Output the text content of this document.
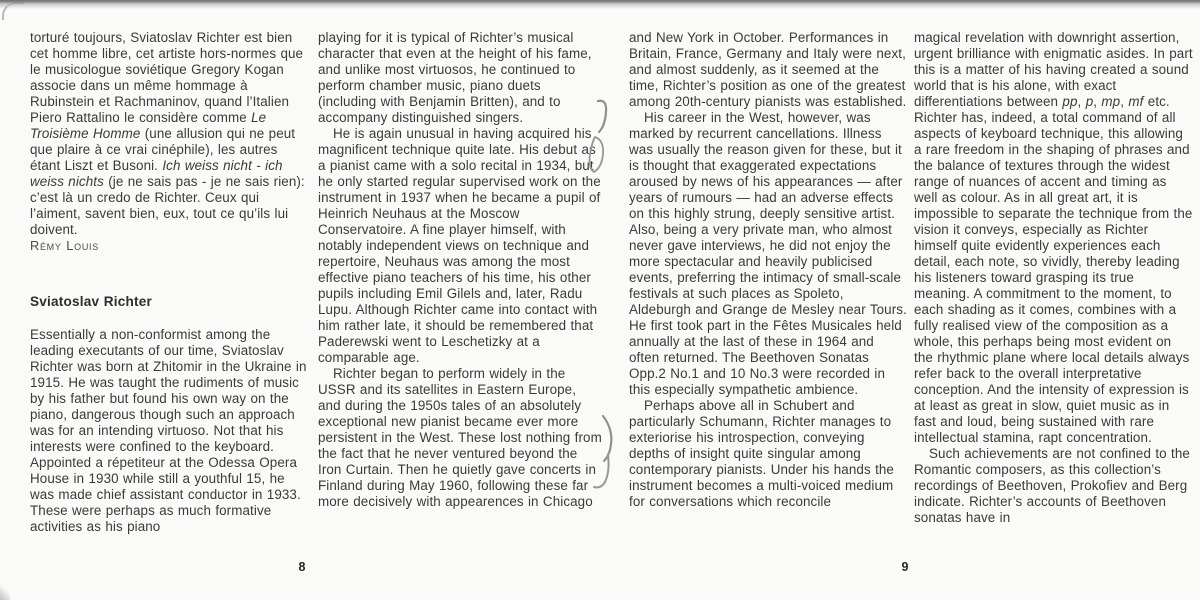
torturé toujours, Sviatoslav Richter est bien cet homme libre, cet artiste hors-normes que le musicologue soviétique Gregory Kogan associe dans un même hommage à Rubinstein et Rachmaninov, quand l’Italien Piero Rattalino le considère comme Le Troisième Homme (une allusion qui ne peut que plaire à ce vrai cinéphile), les autres étant Liszt et Busoni. Ich weiss nicht - ich weiss nichts (je ne sais pas - je ne sais rien): c’est là un credo de Richter. Ceux qui l’aiment, savent bien, eux, tout ce qu’ils lui doivent.

Rémy Louis
Sviatoslav Richter

Essentially a non-conformist among the leading executants of our time, Sviatoslav Richter was born at Zhitomir in the Ukraine in 1915. He was taught the rudiments of music by his father but found his own way on the piano, dangerous though such an approach was for an intending virtuoso. Not that his interests were confined to the keyboard. Appointed a répetiteur at the Odessa Opera House in 1930 while still a youthful 15, he was made chief assistant conductor in 1933. These were perhaps as much formative activities as his piano

playing for it is typical of Richter’s musical character that even at the height of his fame, and unlike most virtuosos, he continued to perform chamber music, piano duets (including with Benjamin Britten), and to accompany distinguished singers.

He is again unusual in having acquired his magnificent technique quite late. His debut as a pianist came with a solo recital in 1934, but he only started regular supervised work on the instrument in 1937 when he became a pupil of Heinrich Neuhaus at the Moscow Conservatoire. A fine player himself, with notably independent views on technique and repertoire, Neuhaus was among the most effective piano teachers of his time, his other pupils including Emil Gilels and, later, Radu Lupu. Although Richter came into contact with him rather late, it should be remembered that Paderewski went to Leschetizky at a comparable age.

Richter began to perform widely in the USSR and its satellites in Eastern Europe, and during the 1950s tales of an absolutely exceptional new pianist became ever more persistent in the West. These lost nothing from the fact that he never ventured beyond the Iron Curtain. Then he quietly gave concerts in Finland during May 1960, following these far more decisively with appearences in Chicago

8

and New York in October. Performances in Britain, France, Germany and Italy were next, and almost suddenly, as it seemed at the time, Richter’s position as one of the greatest among 20th-century pianists was established.

His career in the West, however, was marked by recurrent cancellations. Illness was usually the reason given for these, but it is thought that exaggerated expectations aroused by news of his appearances — after years of rumours — had an adverse effects on this highly strung, deeply sensitive artist. Also, being a very private man, who almost never gave interviews, he did not enjoy the more spectacular and heavily publicised events, preferring the intimacy of small-scale festivals at such places as Spoleto, Aldeburgh and Grange de Mesley near Tours. He first took part in the Fêtes Musicales held annually at the last of these in 1964 and often returned. The Beethoven Sonatas Opp.2 No.1 and 10 No.3 were recorded in this especially sympathetic ambience.

Perhaps above all in Schubert and particularly Schumann, Richter manages to exteriorise his introspection, conveying depths of insight quite singular among contemporary pianists. Under his hands the instrument becomes a multi-voiced medium for conversations which reconcile

magical revelation with downright assertion, urgent brilliance with enigmatic asides. In part this is a matter of his having created a sound world that is his alone, with exact differentiations between pp, p, mp, mf etc. Richter has, indeed, a total command of all aspects of keyboard technique, this allowing a rare freedom in the shaping of phrases and the balance of textures through the widest range of nuances of accent and timing as well as colour. As in all great art, it is impossible to separate the technique from the vision it conveys, especially as Richter himself quite evidently experiences each detail, each note, so vividly, thereby leading his listeners toward grasping its true meaning. A commitment to the moment, to each shading as it comes, combines with a fully realised view of the composition as a whole, this perhaps being most evident on the rhythmic plane where local details always refer back to the overall interpretative conception. And the intensity of expression is at least as great in slow, quiet music as in fast and loud, being sustained with rare intellectual stamina, rapt concentration.

Such achievements are not confined to the Romantic composers, as this collection’s recordings of Beethoven, Prokofiev and Berg indicate. Richter’s accounts of Beethoven sonatas have in

9
